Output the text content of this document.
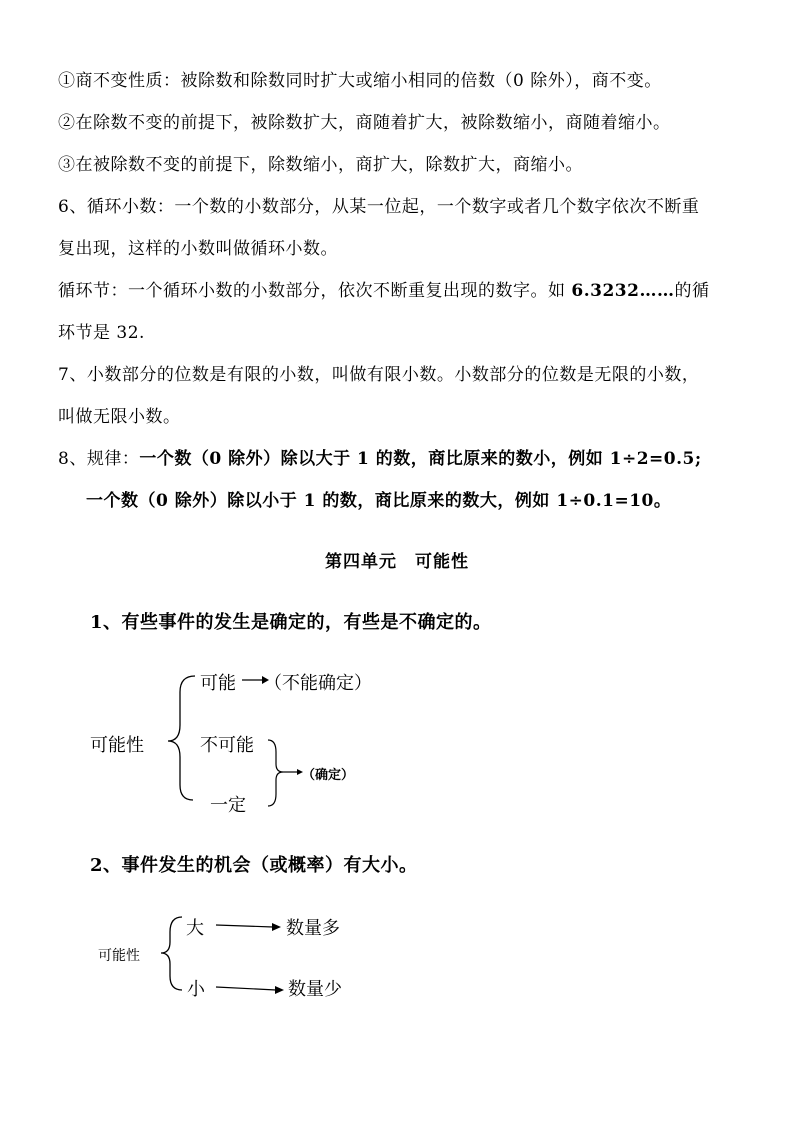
①商不变性质：被除数和除数同时扩大或缩小相同的倍数（0 除外），商不变。
②在除数不变的前提下，被除数扩大，商随着扩大，被除数缩小，商随着缩小。
③在被除数不变的前提下，除数缩小，商扩大，除数扩大，商缩小。
6、循环小数：一个数的小数部分，从某一位起，一个数字或者几个数字依次不断重
复出现，这样的小数叫做循环小数。
循环节：一个循环小数的小数部分，依次不断重复出现的数字。如 6.3232……的循
环节是 32.
7、小数部分的位数是有限的小数，叫做有限小数。小数部分的位数是无限的小数，
叫做无限小数。
8、规律：一个数（0 除外）除以大于 1 的数，商比原来的数小，例如 1÷2=0.5;
一个数（0 除外）除以小于 1 的数，商比原来的数大，例如 1÷0.1=10。
第四单元　可能性
1、有些事件的发生是确定的，有些是不确定的。
可能性
可能 （不能确定）
不可能
一定
（确定）
2、事件发生的机会（或概率）有大小。
可能性
大	数量多
小	数量少
